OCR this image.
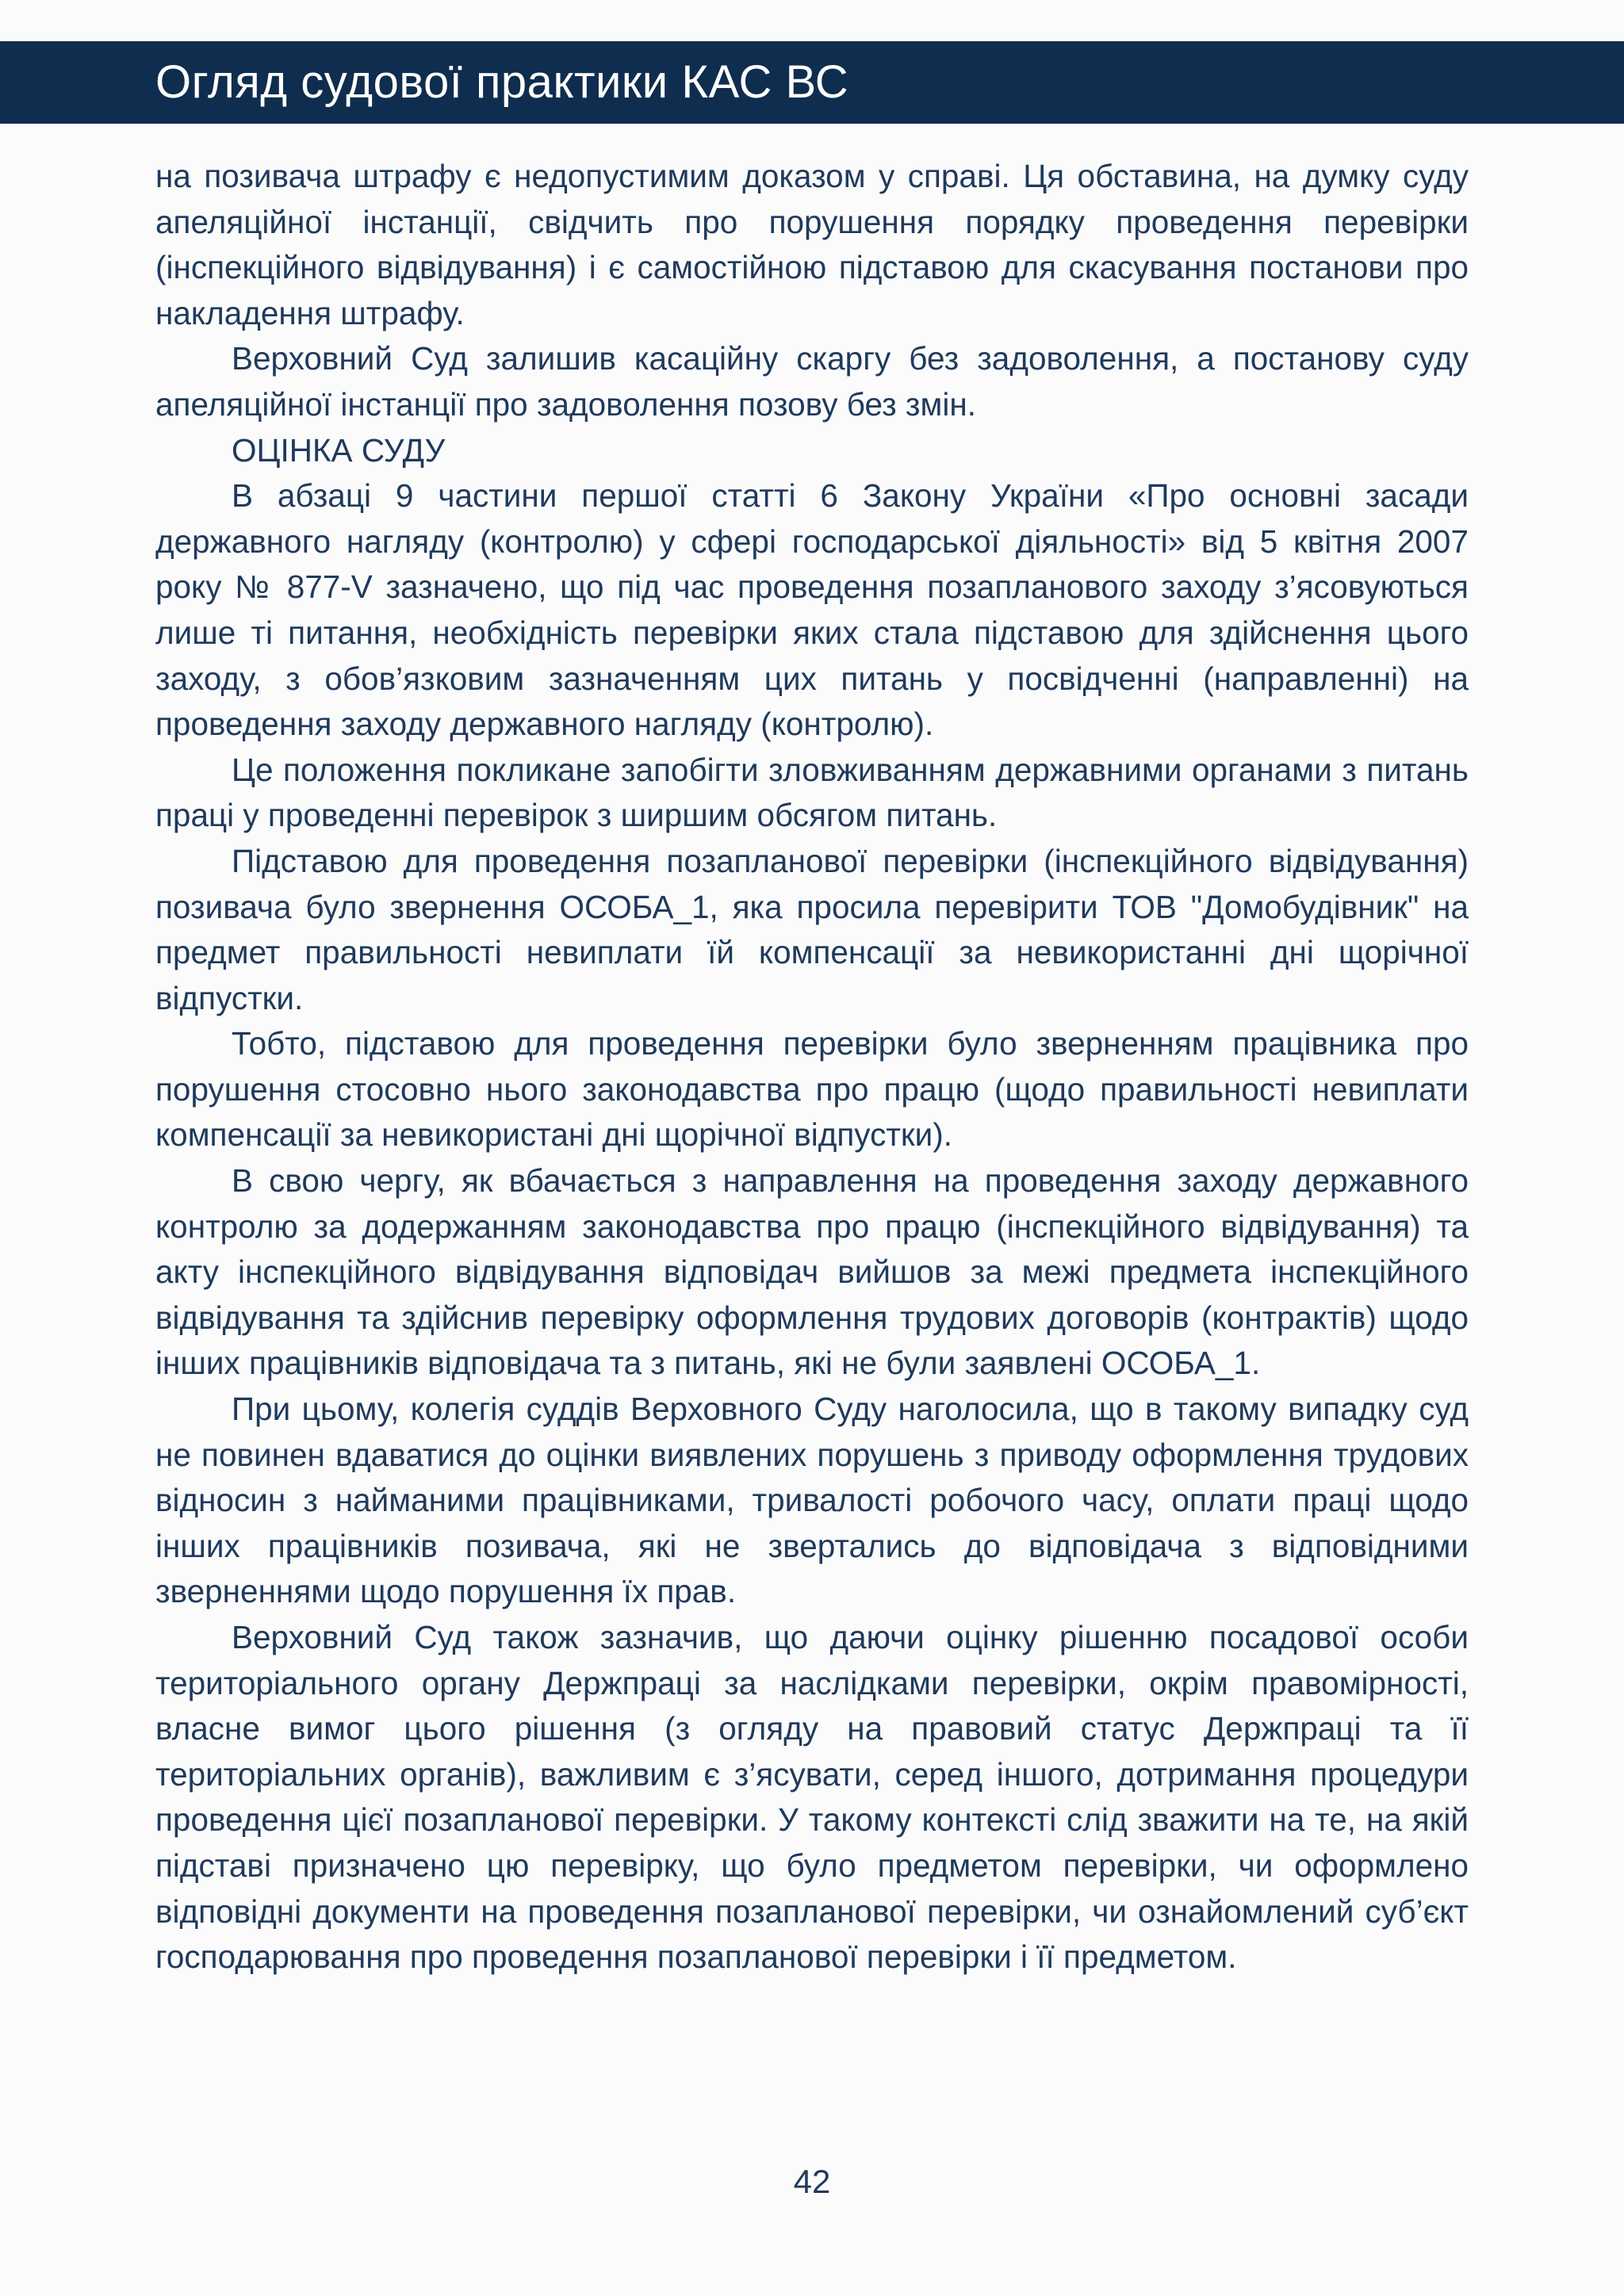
Огляд судової практики КАС ВС

на позивача штрафу є недопустимим доказом у справі. Ця обставина, на думку суду апеляційної інстанції, свідчить про порушення порядку проведення перевірки (інспекційного відвідування) і є самостійною підставою для скасування постанови про накладення штрафу.

Верховний Суд залишив касаційну скаргу без задоволення, а постанову суду апеляційної інстанції про задоволення позову без змін.

ОЦІНКА СУДУ

В абзаці 9 частини першої статті 6 Закону України «Про основні засади державного нагляду (контролю) у сфері господарської діяльності» від 5 квітня 2007 року № 877-V зазначено, що під час проведення позапланового заходу з’ясовуються лише ті питання, необхідність перевірки яких стала підставою для здійснення цього заходу, з обов’язковим зазначенням цих питань у посвідченні (направленні) на проведення заходу державного нагляду (контролю).

Це положення покликане запобігти зловживанням державними органами з питань праці у проведенні перевірок з ширшим обсягом питань.

Підставою для проведення позапланової перевірки (інспекційного відвідування) позивача було звернення ОСОБА_1, яка просила перевірити ТОВ "Домобудівник" на предмет правильності невиплати їй компенсації за невикористанні дні щорічної відпустки.

Тобто, підставою для проведення перевірки було зверненням працівника про порушення стосовно нього законодавства про працю (щодо правильності невиплати компенсації за невикористані дні щорічної відпустки).

В свою чергу, як вбачається з направлення на проведення заходу державного контролю за додержанням законодавства про працю (інспекційного відвідування) та акту інспекційного відвідування відповідач вийшов за межі предмета інспекційного відвідування та здійснив перевірку оформлення трудових договорів (контрактів) щодо інших працівників відповідача та з питань, які не були заявлені ОСОБА_1.

При цьому, колегія суддів Верховного Суду наголосила, що в такому випадку суд не повинен вдаватися до оцінки виявлених порушень з приводу оформлення трудових відносин з найманими працівниками, тривалості робочого часу, оплати праці щодо інших працівників позивача, які не звертались до відповідача з відповідними зверненнями щодо порушення їх прав.

Верховний Суд також зазначив, що даючи оцінку рішенню посадової особи територіального органу Держпраці за наслідками перевірки, окрім правомірності, власне вимог цього рішення (з огляду на правовий статус Держпраці та її територіальних органів), важливим є з’ясувати, серед іншого, дотримання процедури проведення цієї позапланової перевірки. У такому контексті слід зважити на те, на якій підставі призначено цю перевірку, що було предметом перевірки, чи оформлено відповідні документи на проведення позапланової перевірки, чи ознайомлений суб’єкт господарювання про проведення позапланової перевірки і її предметом.

42
